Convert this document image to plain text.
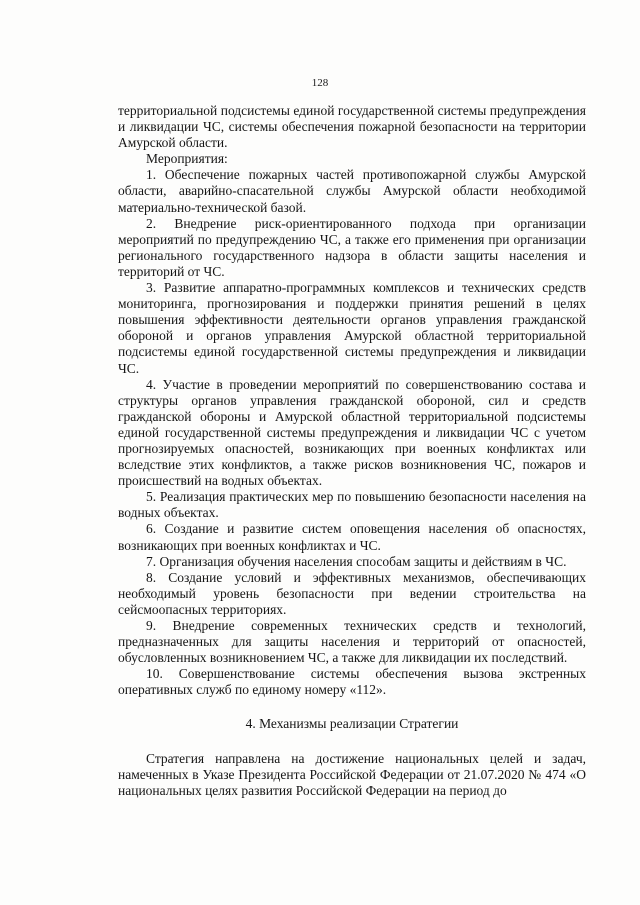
128

территориальной подсистемы единой государственной системы предупреждения и ликвидации ЧС, системы обеспечения пожарной безопасности на территории Амурской области.

Мероприятия:

1. Обеспечение пожарных частей противопожарной службы Амурской области, аварийно-спасательной службы Амурской области необходимой материально-технической базой.

2. Внедрение риск-ориентированного подхода при организации мероприятий по предупреждению ЧС, а также его применения при организации регионального государственного надзора в области защиты населения и территорий от ЧС.

3. Развитие аппаратно-программных комплексов и технических средств мониторинга, прогнозирования и поддержки принятия решений в целях повышения эффективности деятельности органов управления гражданской обороной и органов управления Амурской областной территориальной подсистемы единой государственной системы предупреждения и ликвидации ЧС.

4. Участие в проведении мероприятий по совершенствованию состава и структуры органов управления гражданской обороной, сил и средств гражданской обороны и Амурской областной территориальной подсистемы единой государственной системы предупреждения и ликвидации ЧС с учетом прогнозируемых опасностей, возникающих при военных конфликтах или вследствие этих конфликтов, а также рисков возникновения ЧС, пожаров и происшествий на водных объектах.

5. Реализация практических мер по повышению безопасности населения на водных объектах.

6. Создание и развитие систем оповещения населения об опасностях, возникающих при военных конфликтах и ЧС.

7. Организация обучения населения способам защиты и действиям в ЧС.

8. Создание условий и эффективных механизмов, обеспечивающих необходимый уровень безопасности при ведении строительства на сейсмоопасных территориях.

9. Внедрение современных технических средств и технологий, предназначенных для защиты населения и территорий от опасностей, обусловленных возникновением ЧС, а также для ликвидации их последствий.

10. Совершенствование системы обеспечения вызова экстренных оперативных служб по единому номеру «112».

4. Механизмы реализации Стратегии

Стратегия направлена на достижение национальных целей и задач, намеченных в Указе Президента Российской Федерации от 21.07.2020 № 474 «О национальных целях развития Российской Федерации на период до
